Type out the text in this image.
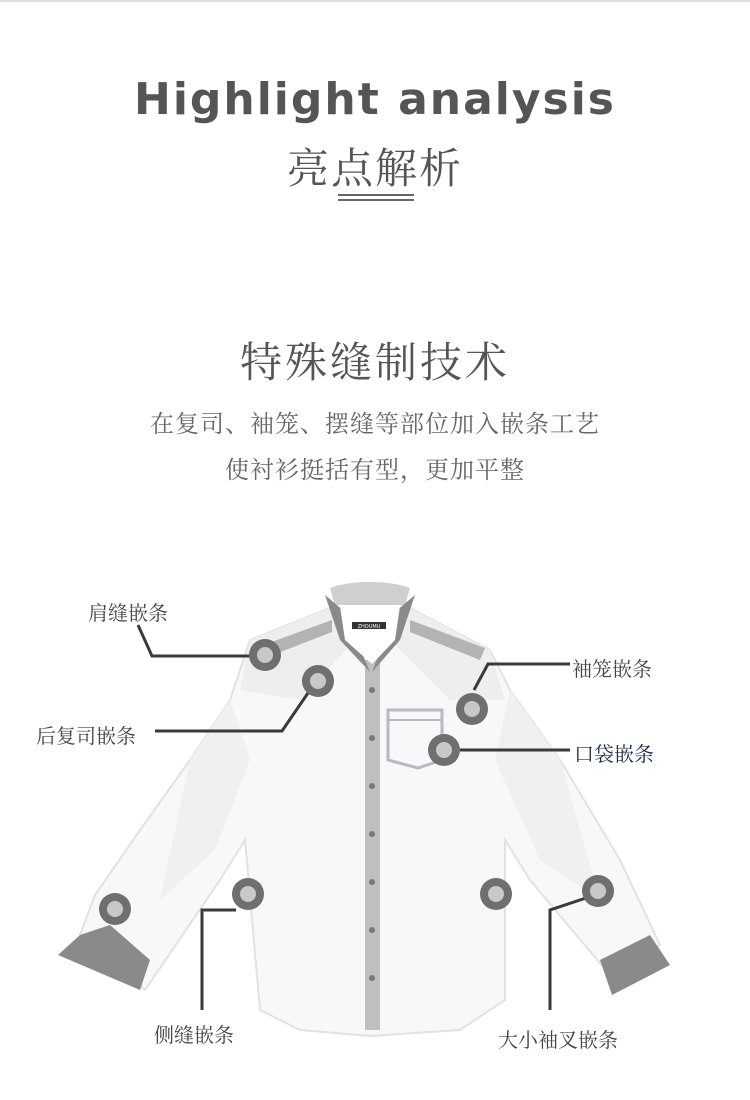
Highlight analysis
亮点解析
特殊缝制技术
在复司、袖笼、摆缝等部位加入嵌条工艺
使衬衫挺括有型，更加平整
ZHOUMU
肩缝嵌条
后复司嵌条
袖笼嵌条
口袋嵌条
侧缝嵌条	大小袖叉嵌条
